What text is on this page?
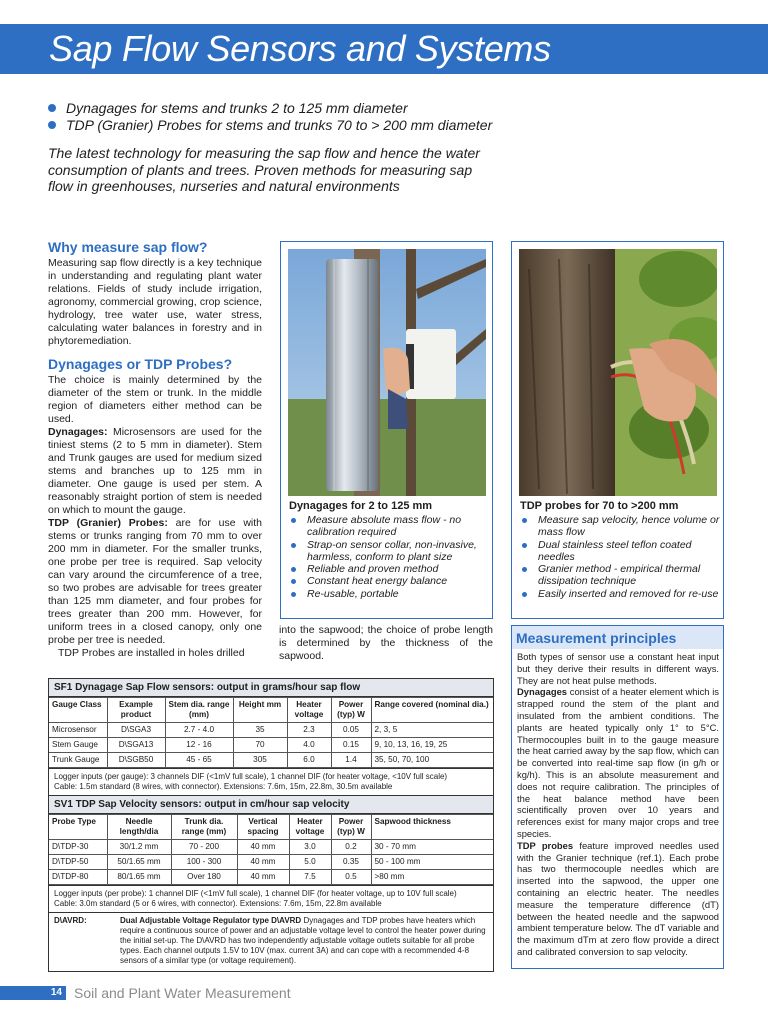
Sap Flow Sensors and Systems
Dynagages for stems and trunks 2 to 125 mm diameter
TDP (Granier) Probes for stems and trunks 70 to > 200 mm diameter

The latest technology for measuring the sap flow and hence the water consumption of plants and trees. Proven methods for measuring sap flow in greenhouses, nurseries and natural environments

Why measure sap flow?

Measuring sap flow directly is a key technique in understanding and regulating plant water relations. Fields of study include irrigation, agronomy, commercial growing, crop science, hydrology, tree water use, water stress, calculating water balances in forestry and in phytoremediation.

Dynagages or TDP Probes?

The choice is mainly determined by the diameter of the stem or trunk. In the middle region of diameters either method can be used.

Dynagages: Microsensors are used for the tiniest stems (2 to 5 mm in diameter). Stem and Trunk gauges are used for medium sized stems and branches up to 125 mm in diameter. One gauge is used per stem. A reasonably straight portion of stem is needed on which to mount the gauge.

TDP (Granier) Probes: are for use with stems or trunks ranging from 70 mm to over 200 mm in diameter. For the smaller trunks, one probe per tree is required. Sap velocity can vary around the circumference of a tree, so two probes are advisable for trees greater than 125 mm diameter, and four probes for trees greater than 200 mm. However, for uniform trees in a closed canopy, only one probe per tree is needed.

TDP Probes are installed in holes drilled

into the sapwood; the choice of probe length is determined by the thickness of the sapwood.

Dynagages for 2 to 125 mm
Measure absolute mass flow - no calibration required
Strap-on sensor collar, non-invasive, harmless, conform to plant size
Reliable and proven method
Constant heat energy balance
Re-usable, portable
TDP probes for 70 to >200 mm
Measure sap velocity, hence volume or mass flow
Dual stainless steel teflon coated needles
Granier method - empirical thermal dissipation technique
Easily inserted and removed for re-use
Measurement principles

Both types of sensor use a constant heat input but they derive their results in different ways. They are not heat pulse methods.

Dynagages consist of a heater element which is strapped round the stem of the plant and insulated from the ambient conditions. The plants are heated typically only 1° to 5°C. Thermocouples built in to the gauge measure the heat carried away by the sap flow, which can be converted into real-time sap flow (in g/h or kg/h). This is an absolute measurement and does not require calibration. The principles of the heat balance method have been scientifically proven over 10 years and references exist for many major crops and tree species.

TDP probes feature improved needles used with the Granier technique (ref.1). Each probe has two thermocouple needles which are inserted into the sapwood, the upper one containing an electric heater. The needles measure the temperature difference (dT) between the heated needle and the sapwood ambient temperature below. The dT variable and the maximum dTm at zero flow provide a direct and calibrated conversion to sap velocity.

SF1 Dynagage Sap Flow sensors: output in grams/hour sap flow
Gauge Class	Example product	Stem dia. range (mm)	Height mm	Heater voltage	Power (typ) W	Range covered (nominal dia.)
Microsensor	D\SGA3	2.7 - 4.0	35	2.3	0.05	2, 3, 5
Stem Gauge	D\SGA13	12 - 16	70	4.0	0.15	9, 10, 13, 16, 19, 25
Trunk Gauge	D\SGB50	45 - 65	305	6.0	1.4	35, 50, 70, 100
Logger inputs (per gauge): 3 channels DIF (<1mV full scale), 1 channel DIF (for heater voltage, <10V full scale)
Cable: 1.5m standard (8 wires, with connector). Extensions: 7.6m, 15m, 22.8m, 30.5m available
SV1 TDP Sap Velocity sensors: output in cm/hour sap velocity
Probe Type	Needle length/dia	Trunk dia. range (mm)	Vertical spacing	Heater voltage	Power (typ) W	Sapwood thickness
D\TDP-30	30/1.2 mm	70 - 200	40 mm	3.0	0.2	30 - 70 mm
D\TDP-50	50/1.65 mm	100 - 300	40 mm	5.0	0.35	50 - 100 mm
D\TDP-80	80/1.65 mm	Over 180	40 mm	7.5	0.5	>80 mm
Logger inputs (per probe): 1 channel DIF (<1mV full scale), 1 channel DIF (for heater voltage, up to 10V full scale)
Cable: 3.0m standard (5 or 6 wires, with connector). Extensions: 7.6m, 15m, 22.8m available
D\AVRD:	Dual Adjustable Voltage Regulator type D\AVRD Dynagages and TDP probes have heaters which require a continuous source of power and an adjustable voltage level to control the heater power during the initial set-up. The D\AVRD has two independently adjustable voltage outlets suitable for all probe types. Each channel outputs 1.5V to 10V (max. current 3A) and can cope with a recommended 4-8 sensors of a similar type (or voltage requirement).
14 Soil and Plant Water Measurement
